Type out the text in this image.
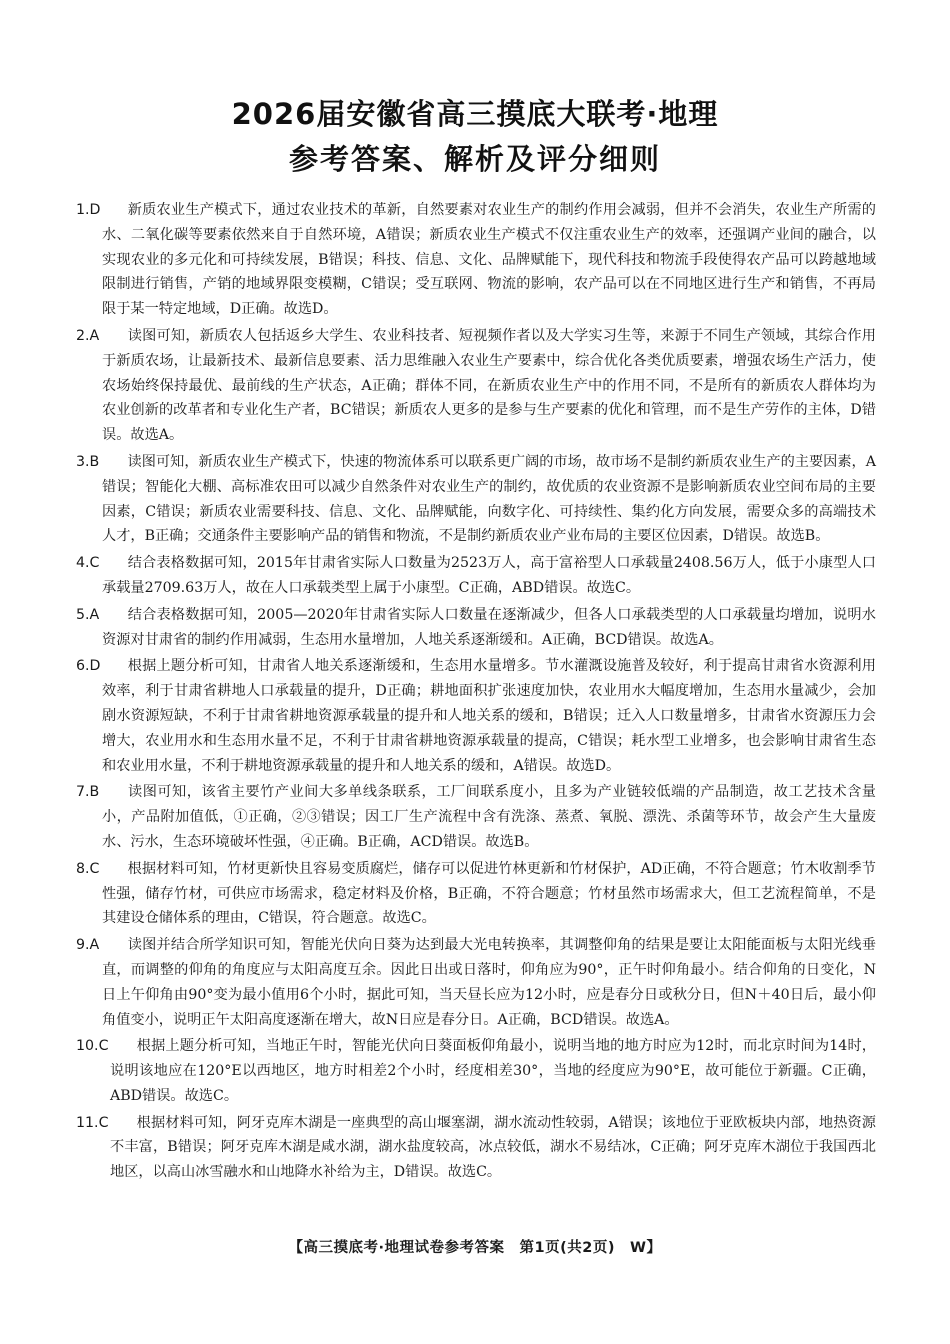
2026届安徽省高三摸底大联考·地理
参考答案、解析及评分细则

1.D 新质农业生产模式下，通过农业技术的革新，自然要素对农业生产的制约作用会减弱，但并不会消失，农业生产所需的水、二氧化碳等要素依然来自于自然环境，A错误；新质农业生产模式不仅注重农业生产的效率，还强调产业间的融合，以实现农业的多元化和可持续发展，B错误；科技、信息、文化、品牌赋能下，现代科技和物流手段使得农产品可以跨越地域限制进行销售，产销的地域界限变模糊，C错误；受互联网、物流的影响，农产品可以在不同地区进行生产和销售，不再局限于某一特定地域，D正确。故选D。

2.A 读图可知，新质农人包括返乡大学生、农业科技者、短视频作者以及大学实习生等，来源于不同生产领域，其综合作用于新质农场，让最新技术、最新信息要素、活力思维融入农业生产要素中，综合优化各类优质要素，增强农场生产活力，使农场始终保持最优、最前线的生产状态，A正确；群体不同，在新质农业生产中的作用不同，不是所有的新质农人群体均为农业创新的改革者和专业化生产者，BC错误；新质农人更多的是参与生产要素的优化和管理，而不是生产劳作的主体，D错误。故选A。

3.B 读图可知，新质农业生产模式下，快速的物流体系可以联系更广阔的市场，故市场不是制约新质农业生产的主要因素，A错误；智能化大棚、高标准农田可以减少自然条件对农业生产的制约，故优质的农业资源不是影响新质农业空间布局的主要因素，C错误；新质农业需要科技、信息、文化、品牌赋能，向数字化、可持续性、集约化方向发展，需要众多的高端技术人才，B正确；交通条件主要影响产品的销售和物流，不是制约新质农业产业布局的主要区位因素，D错误。故选B。

4.C 结合表格数据可知，2015年甘肃省实际人口数量为2523万人，高于富裕型人口承载量2408.56万人，低于小康型人口承载量2709.63万人，故在人口承载类型上属于小康型。C正确，ABD错误。故选C。

5.A 结合表格数据可知，2005—2020年甘肃省实际人口数量在逐渐减少，但各人口承载类型的人口承载量均增加，说明水资源对甘肃省的制约作用减弱，生态用水量增加，人地关系逐渐缓和。A正确，BCD错误。故选A。

6.D 根据上题分析可知，甘肃省人地关系逐渐缓和，生态用水量增多。节水灌溉设施普及较好，利于提高甘肃省水资源利用效率，利于甘肃省耕地人口承载量的提升，D正确；耕地面积扩张速度加快，农业用水大幅度增加，生态用水量减少，会加剧水资源短缺，不利于甘肃省耕地资源承载量的提升和人地关系的缓和，B错误；迁入人口数量增多，甘肃省水资源压力会增大，农业用水和生态用水量不足，不利于甘肃省耕地资源承载量的提高，C错误；耗水型工业增多，也会影响甘肃省生态和农业用水量，不利于耕地资源承载量的提升和人地关系的缓和，A错误。故选D。

7.B 读图可知，该省主要竹产业间大多单线条联系，工厂间联系度小，且多为产业链较低端的产品制造，故工艺技术含量小，产品附加值低，①正确，②③错误；因工厂生产流程中含有洗涤、蒸煮、氧脱、漂洗、杀菌等环节，故会产生大量废水、污水，生态环境破坏性强，④正确。B正确，ACD错误。故选B。

8.C 根据材料可知，竹材更新快且容易变质腐烂，储存可以促进竹林更新和竹材保护，AD正确，不符合题意；竹木收割季节性强，储存竹材，可供应市场需求，稳定材料及价格，B正确，不符合题意；竹材虽然市场需求大，但工艺流程简单，不是其建设仓储体系的理由，C错误，符合题意。故选C。

9.A 读图并结合所学知识可知，智能光伏向日葵为达到最大光电转换率，其调整仰角的结果是要让太阳能面板与太阳光线垂直，而调整的仰角的角度应与太阳高度互余。因此日出或日落时，仰角应为90°，正午时仰角最小。结合仰角的日变化，N日上午仰角由90°变为最小值用6个小时，据此可知，当天昼长应为12小时，应是春分日或秋分日，但N＋40日后，最小仰角值变小，说明正午太阳高度逐渐在增大，故N日应是春分日。A正确，BCD错误。故选A。

10.C 根据上题分析可知，当地正午时，智能光伏向日葵面板仰角最小，说明当地的地方时应为12时，而北京时间为14时，说明该地应在120°E以西地区，地方时相差2个小时，经度相差30°，当地的经度应为90°E，故可能位于新疆。C正确，ABD错误。故选C。

11.C 根据材料可知，阿牙克库木湖是一座典型的高山堰塞湖，湖水流动性较弱，A错误；该地位于亚欧板块内部，地热资源不丰富，B错误；阿牙克库木湖是咸水湖，湖水盐度较高，冰点较低，湖水不易结冰，C正确；阿牙克库木湖位于我国西北地区，以高山冰雪融水和山地降水补给为主，D错误。故选C。

【高三摸底考·地理试卷参考答案　第1页(共2页)　W】
